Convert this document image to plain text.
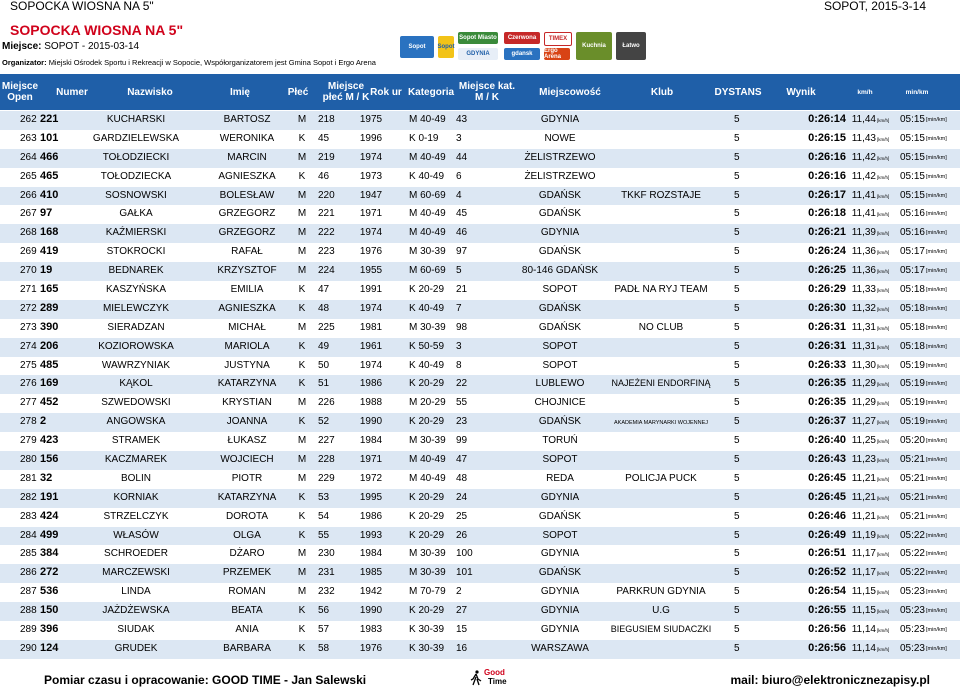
SOPOCKA WIOSNA NA 5"	SOPOT, 2015-3-14
SOPOCKA WIOSNA NA 5"
Miejsce: SOPOT - 2015-03-14
Organizator: Miejski Ośrodek Sportu i Rekreacji w Sopocie, Współorganizatorem jest Gmina Sopot i Ergo Arena
Sopot	Sopot
Sopot Miasto
GDYNIA
Czerwona	TIMEX
gdansk	Ergo Arena
Kuchnia	Łatwo
Miejsce
Open	Numer	Nazwisko	Imię	Płeć	Miejsce
płeć M / K Rok ur Kategoria Miejsce kat.
M / K	Miejscowość	Klub	DYSTANS	Wynik	km/h	min/km
262 221	KUCHARSKI	BARTOSZ	M 218	1975	M 40-49 43	GDYNIA	5	0:26:14 11,44 [km/h]	05:15 [min/km]
263 101	GARDZIELEWSKA	WERONIKA	K	45	1996	K 0-19 3	NOWE	5	0:26:15 11,43 [km/h]	05:15 [min/km]
264 466	TOŁODZIECKI	MARCIN	M 219	1974	M 40-49 44	ŻELISTRZEWO	5	0:26:16 11,42 [km/h]	05:15 [min/km]
265 465	TOŁODZIECKA	AGNIESZKA	K	46	1973	K 40-49 6	ŻELISTRZEWO	5	0:26:16 11,42 [km/h]	05:15 [min/km]
266 410	SOSNOWSKI	BOLESŁAW	M 220	1947	M 60-69 4	GDAŃSK	TKKF ROZSTAJE	5	0:26:17 11,41 [km/h]	05:15 [min/km]
267 97	GAŁKA	GRZEGORZ	M 221	1971	M 40-49 45	GDAŃSK	5	0:26:18 11,41 [km/h]	05:16 [min/km]
268 168	KAŹMIERSKI	GRZEGORZ	M 222	1974	M 40-49 46	GDYNIA	5	0:26:21 11,39 [km/h]	05:16 [min/km]
269 419	STOKROCKI	RAFAŁ	M 223	1976	M 30-39 97	GDAŃSK	5	0:26:24 11,36 [km/h]	05:17 [min/km]
270 19	BEDNAREK	KRZYSZTOF	M 224	1955	M 60-69 5	80-146 GDAŃSK	5	0:26:25 11,36 [km/h]	05:17 [min/km]
271 165	KASZYŃSKA	EMILIA	K	47	1991	K 20-29 21	SOPOT	PADŁ NA RYJ TEAM	5	0:26:29 11,33 [km/h]	05:18 [min/km]
272 289	MIELEWCZYK	AGNIESZKA	K	48	1974	K 40-49 7	GDAŃSK	5	0:26:30 11,32 [km/h]	05:18 [min/km]
273 390	SIERADZAN	MICHAŁ	M 225	1981	M 30-39 98	GDAŃSK	NO CLUB	5	0:26:31 11,31 [km/h]	05:18 [min/km]
274 206	KOZIOROWSKA	MARIOLA	K	49	1961	K 50-59 3	SOPOT	5	0:26:31 11,31 [km/h]	05:18 [min/km]
275 485	WAWRZYNIAK	JUSTYNA	K	50	1974	K 40-49 8	SOPOT	5	0:26:33 11,30 [km/h]	05:19 [min/km]
276 169	KĄKOL	KATARZYNA	K	51	1986	K 20-29 22	LUBLEWO	NAJEŻENI ENDORFINĄ	5	0:26:35 11,29 [km/h]	05:19 [min/km]
277 452	SZWEDOWSKI	KRYSTIAN	M 226	1988	M 20-29 55	CHOJNICE	5	0:26:35 11,29 [km/h]	05:19 [min/km]
278 2	ANGOWSKA	JOANNA	K	52	1990	K 20-29 23	GDAŃSK	AKADEMIA MARYNARKI WOJENNEJ	5	0:26:37 11,27 [km/h]	05:19 [min/km]
279 423	STRAMEK	ŁUKASZ	M 227	1984	M 30-39 99	TORUŃ	5	0:26:40 11,25 [km/h]	05:20 [min/km]
280 156	KACZMAREK	WOJCIECH	M 228	1971	M 40-49 47	SOPOT	5	0:26:43 11,23 [km/h]	05:21 [min/km]
281 32	BOLIN	PIOTR	M 229	1972	M 40-49 48	REDA	POLICJA PUCK	5	0:26:45 11,21 [km/h]	05:21 [min/km]
282 191	KORNIAK	KATARZYNA	K	53	1995	K 20-29 24	GDYNIA	5	0:26:45 11,21 [km/h]	05:21 [min/km]
283 424	STRZELCZYK	DOROTA	K	54	1986	K 20-29 25	GDAŃSK	5	0:26:46 11,21 [km/h]	05:21 [min/km]
284 499	WŁASÓW	OLGA	K	55	1993	K 20-29 26	SOPOT	5	0:26:49 11,19 [km/h]	05:22 [min/km]
285 384	SCHROEDER	DŻARO	M 230	1984	M 30-39 100	GDYNIA	5	0:26:51 11,17 [km/h]	05:22 [min/km]
286 272	MARCZEWSKI	PRZEMEK	M 231	1985	M 30-39 101	GDAŃSK	5	0:26:52 11,17 [km/h]	05:22 [min/km]
287 536	LINDA	ROMAN	M 232	1942	M 70-79 2	GDYNIA	PARKRUN GDYNIA	5	0:26:54 11,15 [km/h]	05:23 [min/km]
288 150	JAŻDŻEWSKA	BEATA	K	56	1990	K 20-29 27	GDYNIA	U.G	5	0:26:55 11,15 [km/h]	05:23 [min/km]
289 396	SIUDAK	ANIA	K	57	1983	K 30-39 15	GDYNIA	BIEGUSIEM SIUDACZKI	5	0:26:56 11,14 [km/h]	05:23 [min/km]
290 124	GRUDEK	BARBARA	K	58	1976	K 30-39 16	WARSZAWA	5	0:26:56 11,14 [km/h]	05:23 [min/km]
Pomiar czasu i opracowanie: GOOD TIME - Jan Salewski
Good
Time	mail: biuro@elektronicznezapisy.pl
